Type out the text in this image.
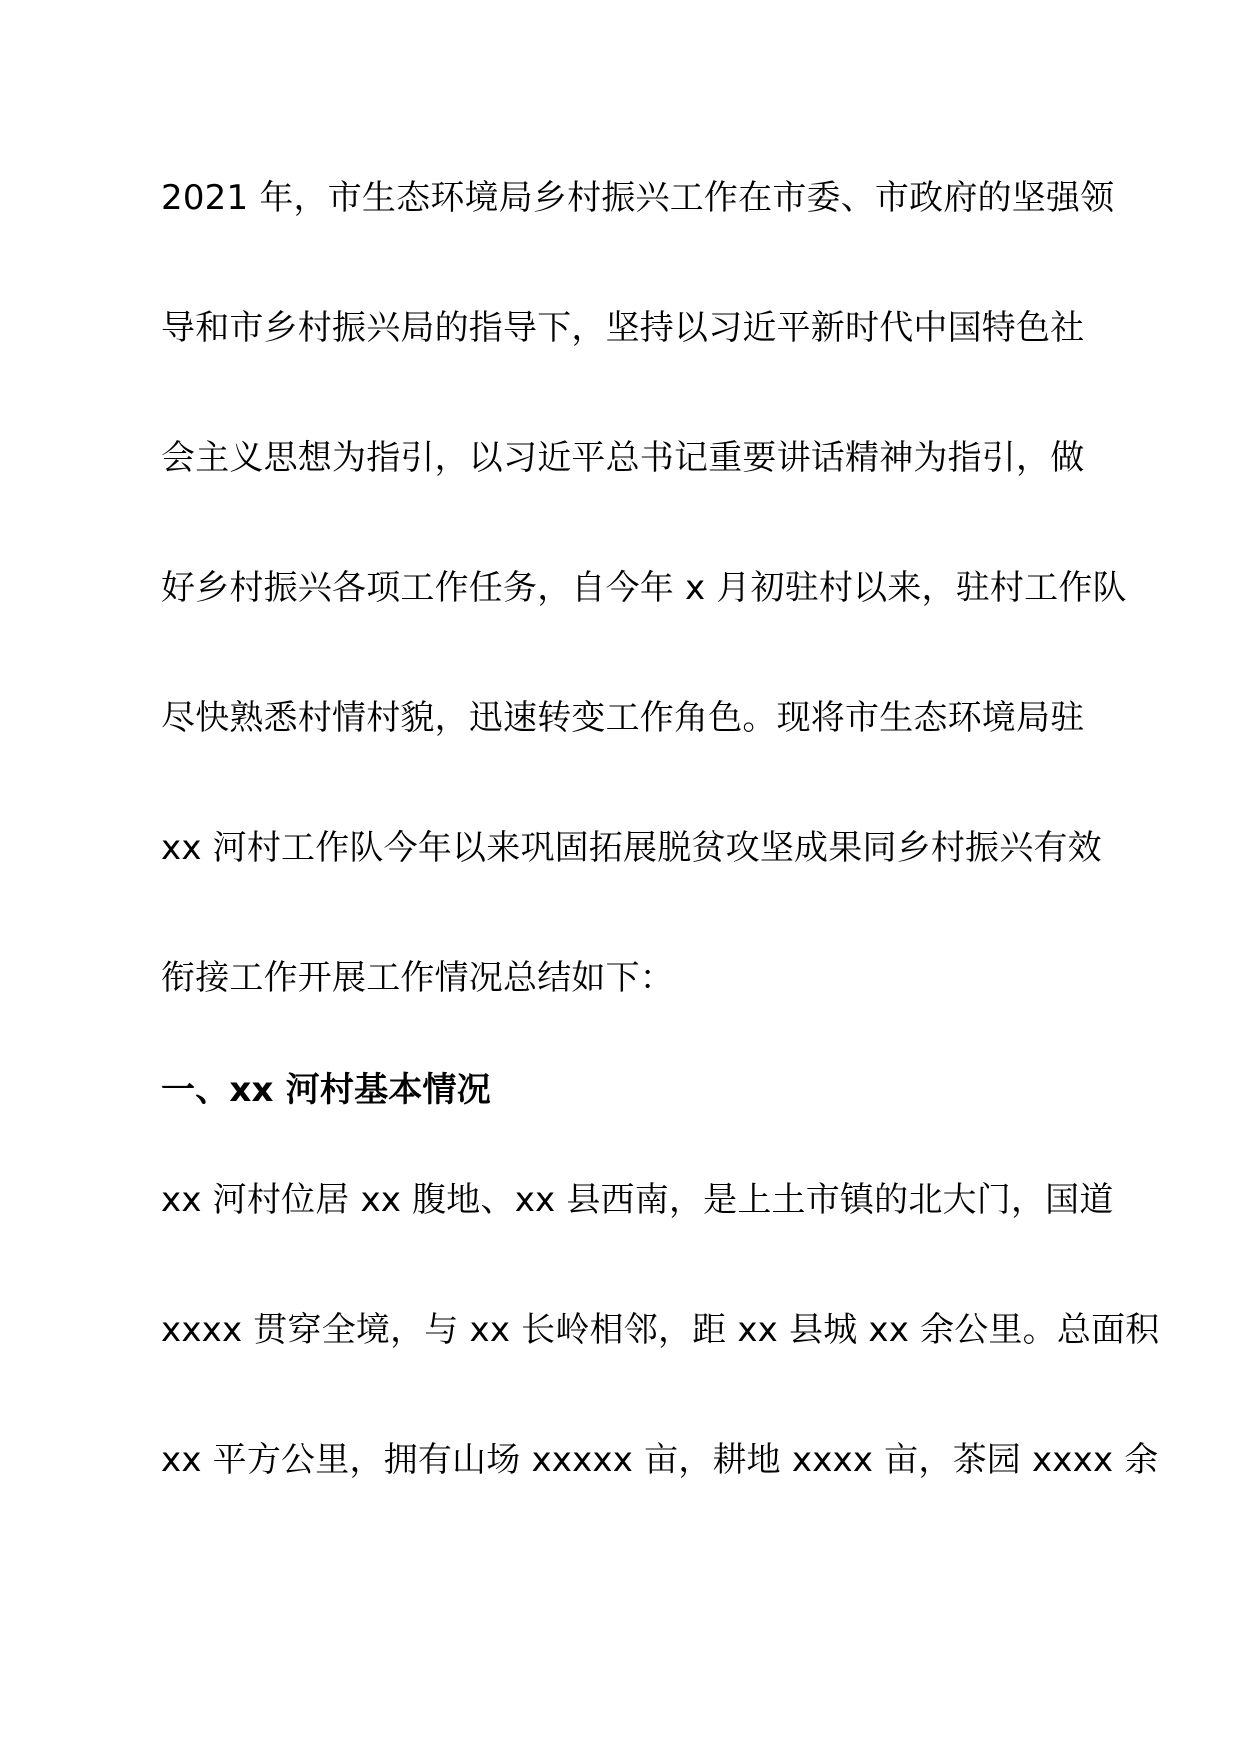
2021 年，市生态环境局乡村振兴工作在市委、市政府的坚强领
导和市乡村振兴局的指导下，坚持以习近平新时代中国特色社
会主义思想为指引，以习近平总书记重要讲话精神为指引，做
好乡村振兴各项工作任务，自今年 x 月初驻村以来，驻村工作队
尽快熟悉村情村貌，迅速转变工作角色。现将市生态环境局驻
xx 河村工作队今年以来巩固拓展脱贫攻坚成果同乡村振兴有效
衔接工作开展工作情况总结如下：
一、xx 河村基本情况
xx 河村位居 xx 腹地、xx 县西南，是上土市镇的北大门，国道
xxxx 贯穿全境，与 xx 长岭相邻，距 xx 县城 xx 余公里。总面积
xx 平方公里，拥有山场 xxxxx 亩，耕地 xxxx 亩，茶园 xxxx 余
